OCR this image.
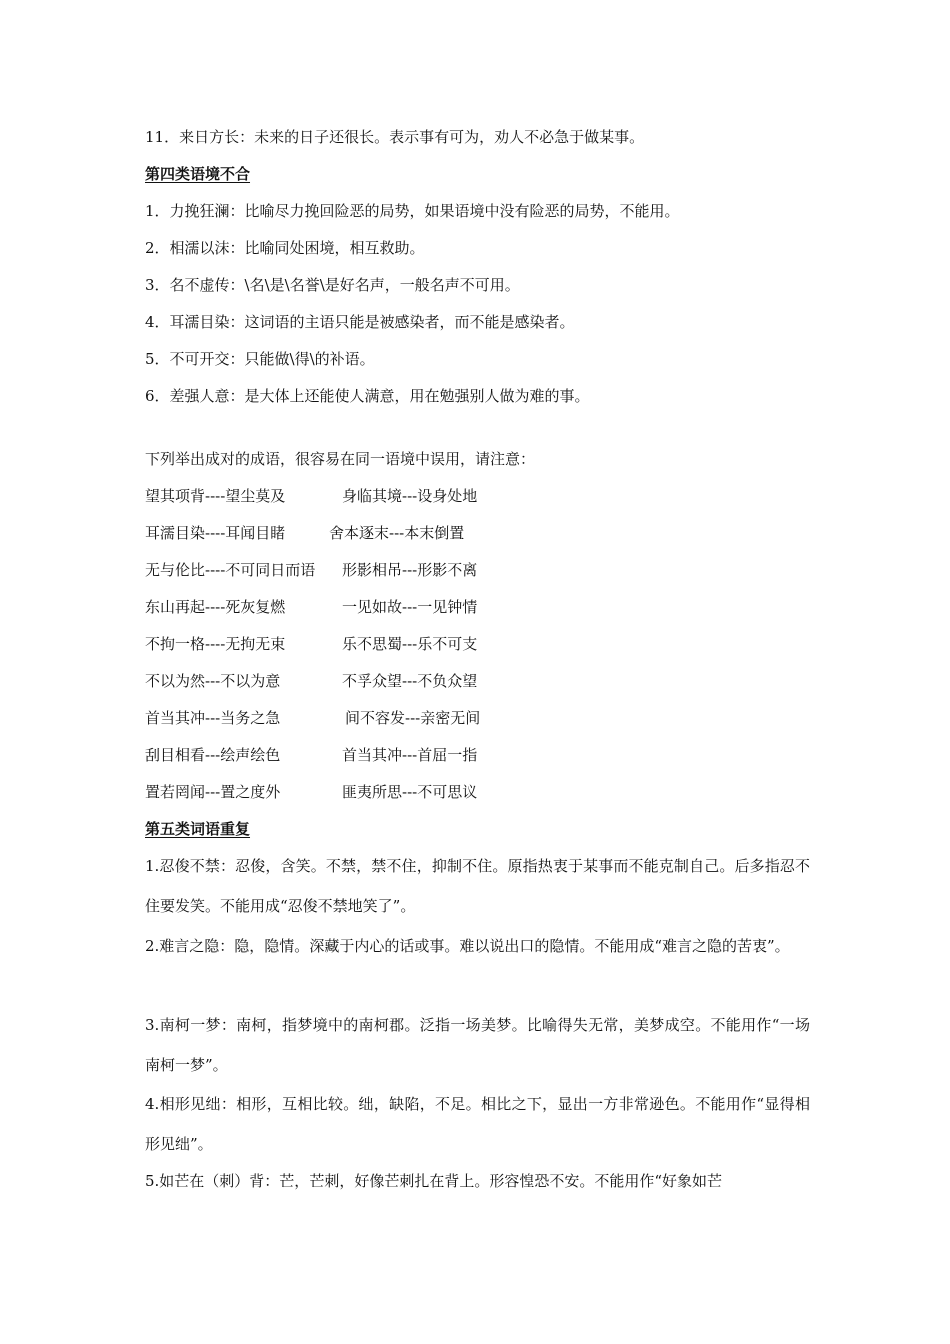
11．来日方长：未来的日子还很长。表示事有可为，劝人不必急于做某事。
第四类语境不合
1．力挽狂澜：比喻尽力挽回险恶的局势，如果语境中没有险恶的局势，不能用。
2．相濡以沫：比喻同处困境，相互救助。
3．名不虚传：\名\是\名誉\是好名声，一般名声不可用。
4．耳濡目染：这词语的主语只能是被感染者，而不能是感染者。
5．不可开交：只能做\得\的补语。
6．差强人意：是大体上还能使人满意，用在勉强别人做为难的事。
下列举出成对的成语，很容易在同一语境中误用，请注意：
望其项背----望尘莫及	身临其境---设身处地
耳濡目染----耳闻目睹	舍本逐末---本末倒置
无与伦比----不可同日而语 形影相吊---形影不离
东山再起----死灰复燃	一见如故---一见钟情
不拘一格----无拘无束	乐不思蜀---乐不可支
不以为然---不以为意	不孚众望---不负众望
首当其冲---当务之急	间不容发---亲密无间
刮目相看---绘声绘色	首当其冲---首屈一指
置若罔闻---置之度外	匪夷所思---不可思议
第五类词语重复
1.忍俊不禁：忍俊，含笑。不禁，禁不住，抑制不住。原指热衷于某事而不能克制自己。后多指忍不住要发笑。不能用成“忍俊不禁地笑了”。
2.难言之隐：隐，隐情。深藏于内心的话或事。难以说出口的隐情。不能用成“难言之隐的苦衷”。
3.南柯一梦：南柯，指梦境中的南柯郡。泛指一场美梦。比喻得失无常，美梦成空。不能用作“一场南柯一梦”。
4.相形见绌：相形，互相比较。绌，缺陷，不足。相比之下，显出一方非常逊色。不能用作“显得相形见绌”。
5.如芒在（刺）背：芒，芒刺，好像芒刺扎在背上。形容惶恐不安。不能用作“好象如芒
